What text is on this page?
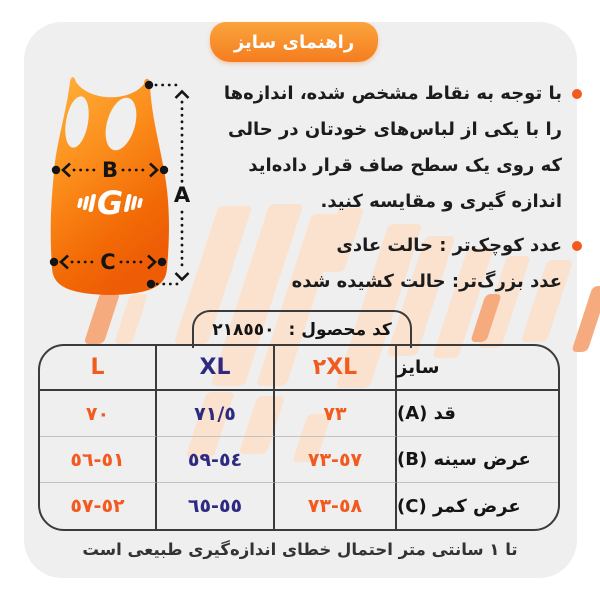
راهنمای سایز
G A
B
C
با توجه به نقاط مشخص شده، اندازه‌ها
را با یکی از لباس‌های خودتان در حالی
که روی یک سطح صاف قرار داده‌اید
اندازه گیری و مقایسه کنید.
عدد کوچک‌تر : حالت عادی
عدد بزرگ‌تر: حالت کشیده شده
کد محصول :
٢١٨٥٥٠
L	XL	٢XL	سایز
٧٠	٧١/٥	٧٣	قد (A)
٥١-٥٦	٥٤-٥٩	٥٧-٧٣	عرض سینه (B)
٥٢-٥٧	٥٥-٦٥	٥٨-٧٣	عرض کمر (C)
تا ١ سانتی متر احتمال خطای اندازه‌گیری طبیعی است
